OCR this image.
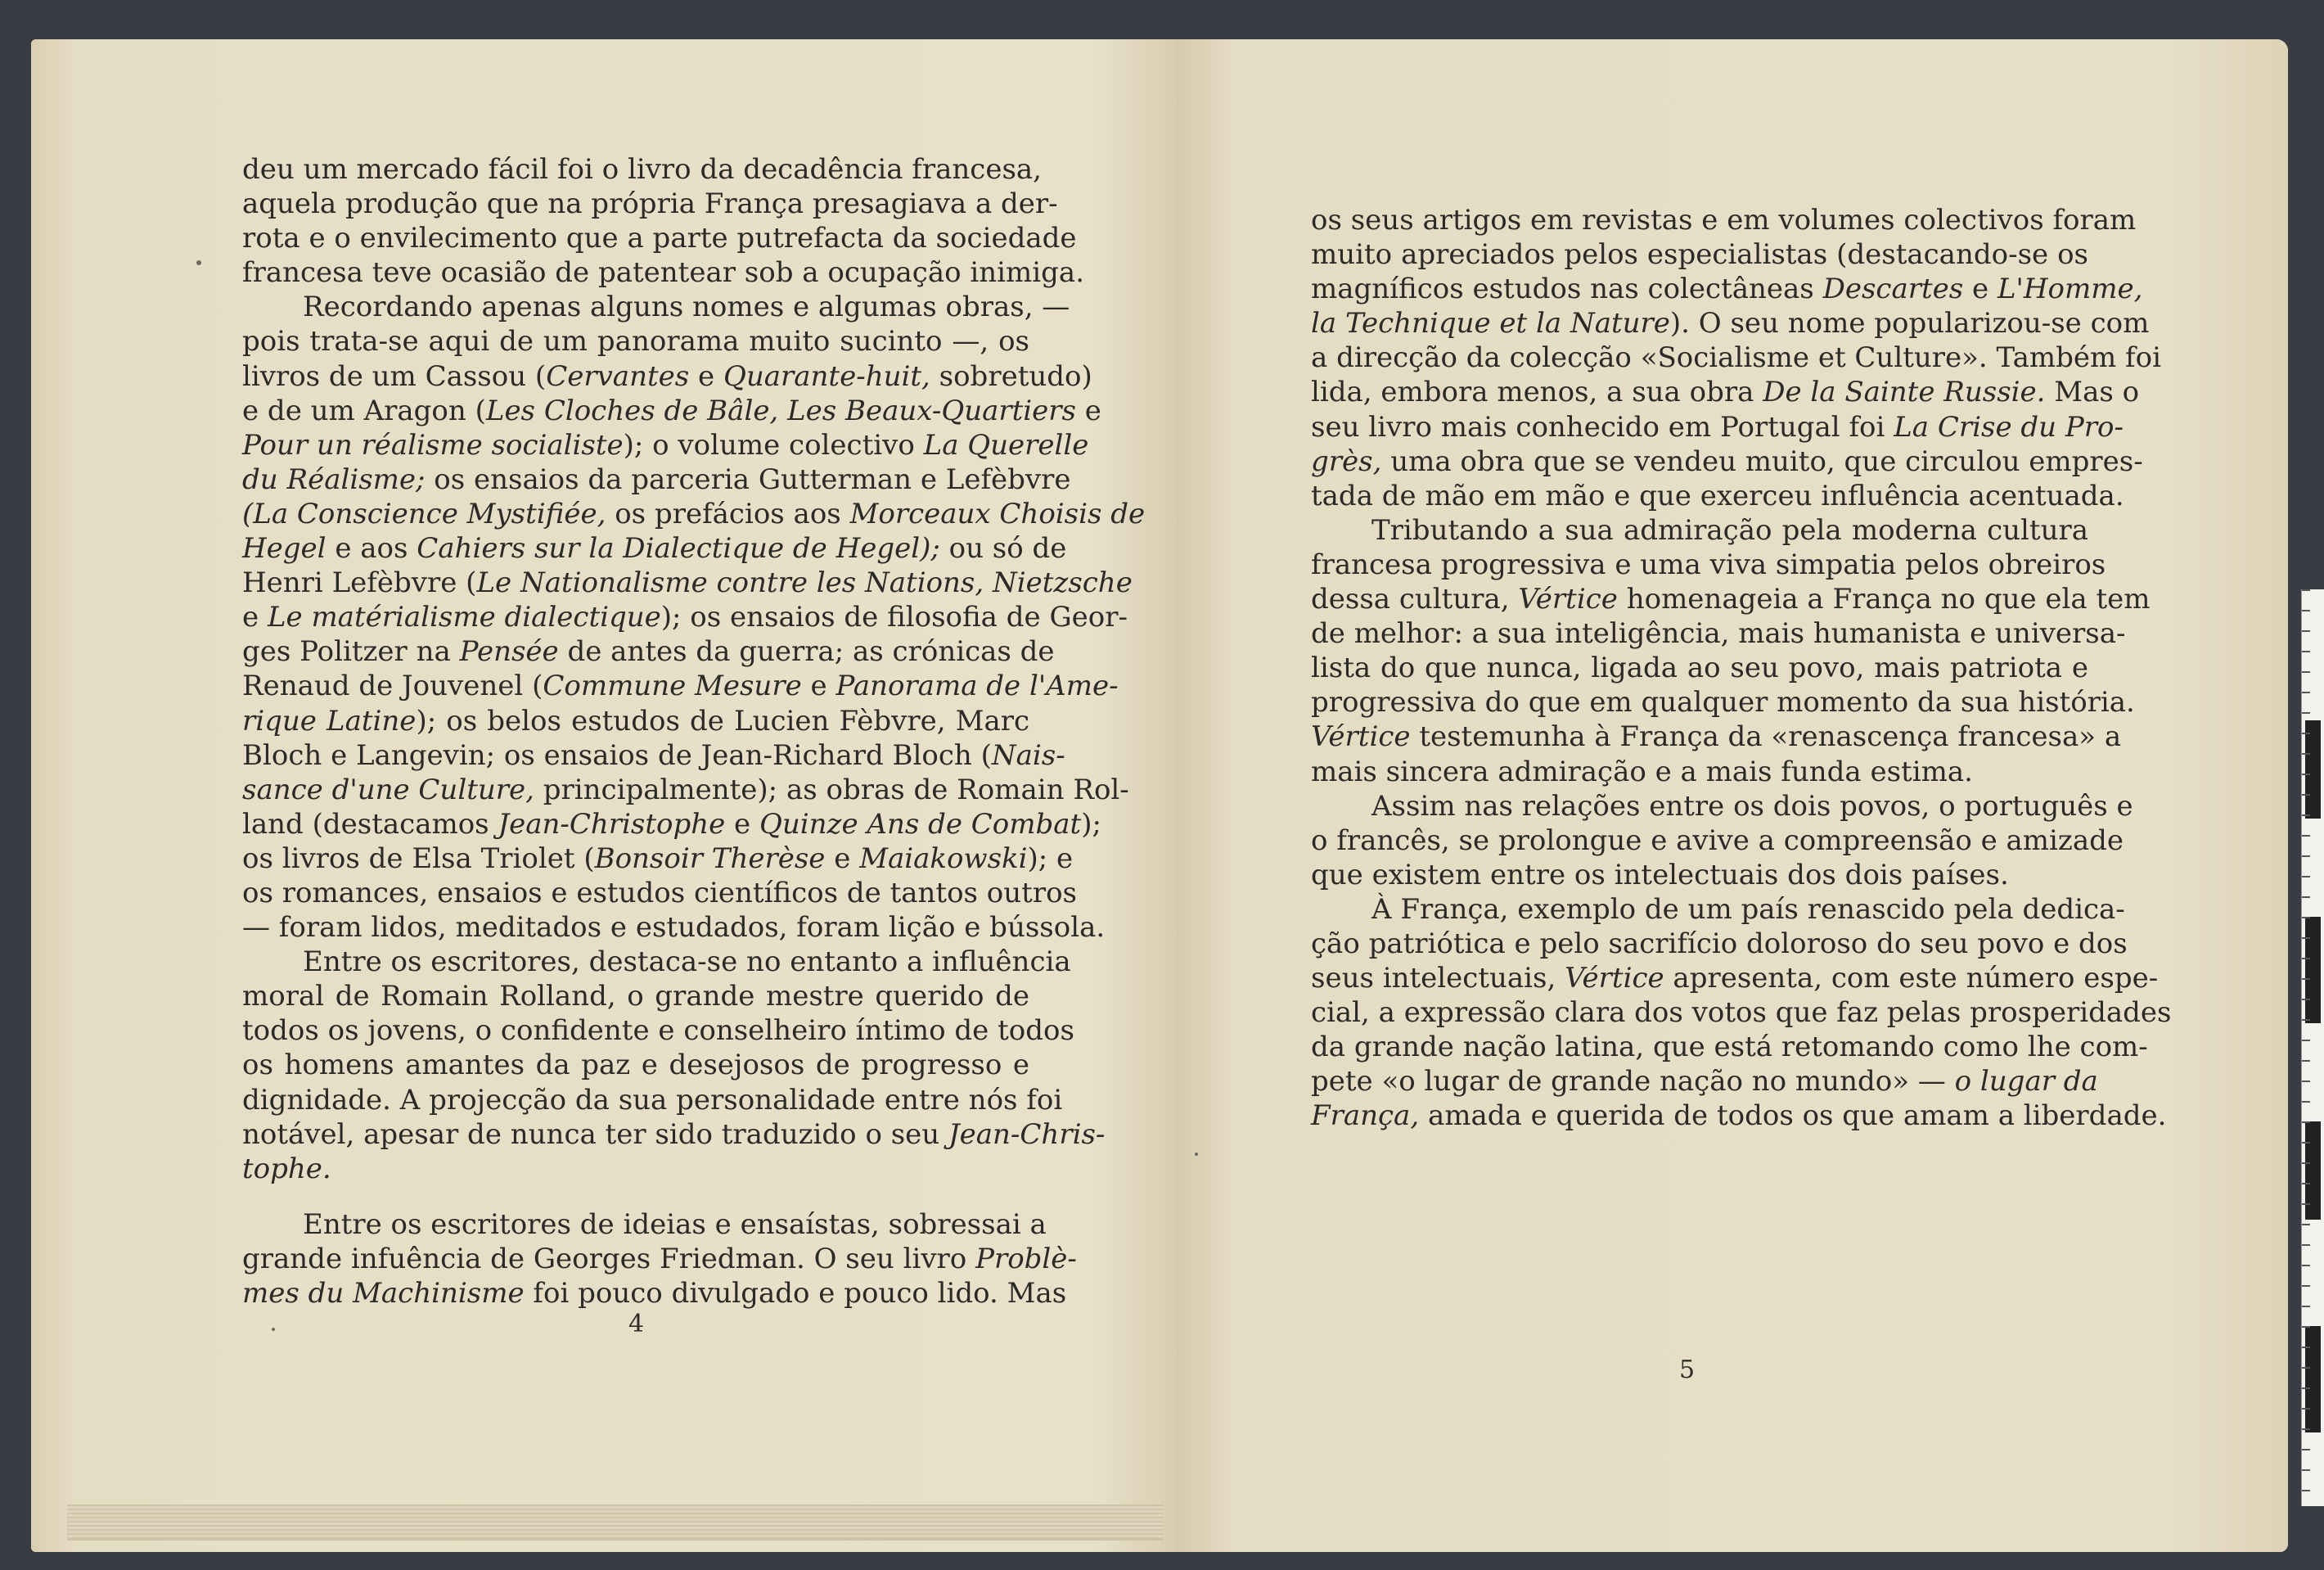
deu um mercado fácil foi o livro da decadência francesa,
aquela produção que na própria França presagiava a der-
rota e o envilecimento que a parte putrefacta da sociedade
francesa teve ocasião de patentear sob a ocupação inimiga.
Recordando apenas alguns nomes e algumas obras, —
pois trata-se aqui de um panorama muito sucinto —, os
livros de um Cassou (Cervantes e Quarante-huit, sobretudo)
e de um Aragon (Les Cloches de Bâle, Les Beaux-Quartiers e
Pour un réalisme socialiste); o volume colectivo La Querelle
du Réalisme; os ensaios da parceria Gutterman e Lefèbvre
(La Conscience Mystifiée, os prefácios aos Morceaux Choisis de
Hegel e aos Cahiers sur la Dialectique de Hegel); ou só de
Henri Lefèbvre (Le Nationalisme contre les Nations, Nietzsche
e Le matérialisme dialectique); os ensaios de filosofia de Geor-
ges Politzer na Pensée de antes da guerra; as crónicas de
Renaud de Jouvenel (Commune Mesure e Panorama de l'Ame-
rique Latine); os belos estudos de Lucien Fèbvre, Marc
Bloch e Langevin; os ensaios de Jean-Richard Bloch (Nais-
sance d'une Culture, principalmente); as obras de Romain Rol-
land (destacamos Jean-Christophe e Quinze Ans de Combat);
os livros de Elsa Triolet (Bonsoir Therèse e Maiakowski); e
os romances, ensaios e estudos científicos de tantos outros
— foram lidos, meditados e estudados, foram lição e bússola.
Entre os escritores, destaca-se no entanto a influência
moral de Romain Rolland, o grande mestre querido de
todos os jovens, o confidente e conselheiro íntimo de todos
os homens amantes da paz e desejosos de progresso e
dignidade. A projecção da sua personalidade entre nós foi
notável, apesar de nunca ter sido traduzido o seu Jean-Chris-
tophe.
Entre os escritores de ideias e ensaístas, sobressai a
grande infuência de Georges Friedman. O seu livro Problè-
mes du Machinisme foi pouco divulgado e pouco lido. Mas
os seus artigos em revistas e em volumes colectivos foram
muito apreciados pelos especialistas (destacando-se os
magníficos estudos nas colectâneas Descartes e L'Homme,
la Technique et la Nature). O seu nome popularizou-se com
a direcção da colecção «Socialisme et Culture». Também foi
lida, embora menos, a sua obra De la Sainte Russie. Mas o
seu livro mais conhecido em Portugal foi La Crise du Pro-
grès, uma obra que se vendeu muito, que circulou empres-
tada de mão em mão e que exerceu influência acentuada.
Tributando a sua admiração pela moderna cultura
francesa progressiva e uma viva simpatia pelos obreiros
dessa cultura, Vértice homenageia a França no que ela tem
de melhor: a sua inteligência, mais humanista e universa-
lista do que nunca, ligada ao seu povo, mais patriota e
progressiva do que em qualquer momento da sua história.
Vértice testemunha à França da «renascença francesa» a
mais sincera admiração e a mais funda estima.
Assim nas relações entre os dois povos, o português e
o francês, se prolongue e avive a compreensão e amizade
que existem entre os intelectuais dos dois países.
À França, exemplo de um país renascido pela dedica-
ção patriótica e pelo sacrifício doloroso do seu povo e dos
seus intelectuais, Vértice apresenta, com este número espe-
cial, a expressão clara dos votos que faz pelas prosperidades
da grande nação latina, que está retomando como lhe com-
pete «o lugar de grande nação no mundo» — o lugar da
França, amada e querida de todos os que amam a liberdade.
4
5
